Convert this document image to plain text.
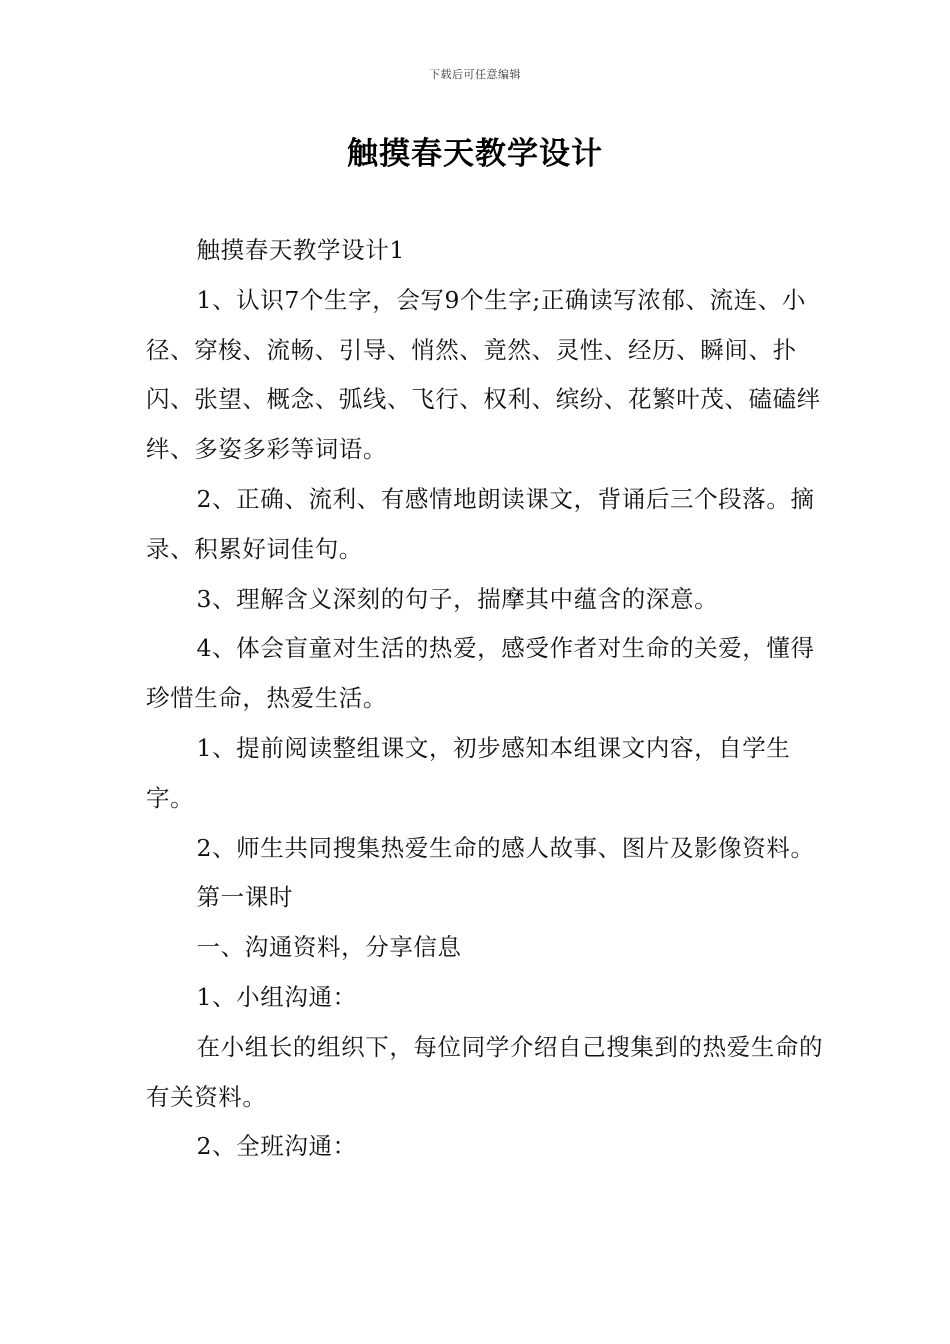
下载后可任意编辑
触摸春天教学设计

触摸春天教学设计1

1、认识7个生字，会写9个生字;正确读写浓郁、流连、小径、穿梭、流畅、引导、悄然、竟然、灵性、经历、瞬间、扑闪、张望、概念、弧线、飞行、权利、缤纷、花繁叶茂、磕磕绊绊、多姿多彩等词语。

2、正确、流利、有感情地朗读课文，背诵后三个段落。摘录、积累好词佳句。

3、理解含义深刻的句子，揣摩其中蕴含的深意。

4、体会盲童对生活的热爱，感受作者对生命的关爱，懂得珍惜生命，热爱生活。

1、提前阅读整组课文，初步感知本组课文内容，自学生字。

2、师生共同搜集热爱生命的感人故事、图片及影像资料。

第一课时

一、沟通资料，分享信息

1、小组沟通：

在小组长的组织下，每位同学介绍自己搜集到的热爱生命的有关资料。

2、全班沟通：
